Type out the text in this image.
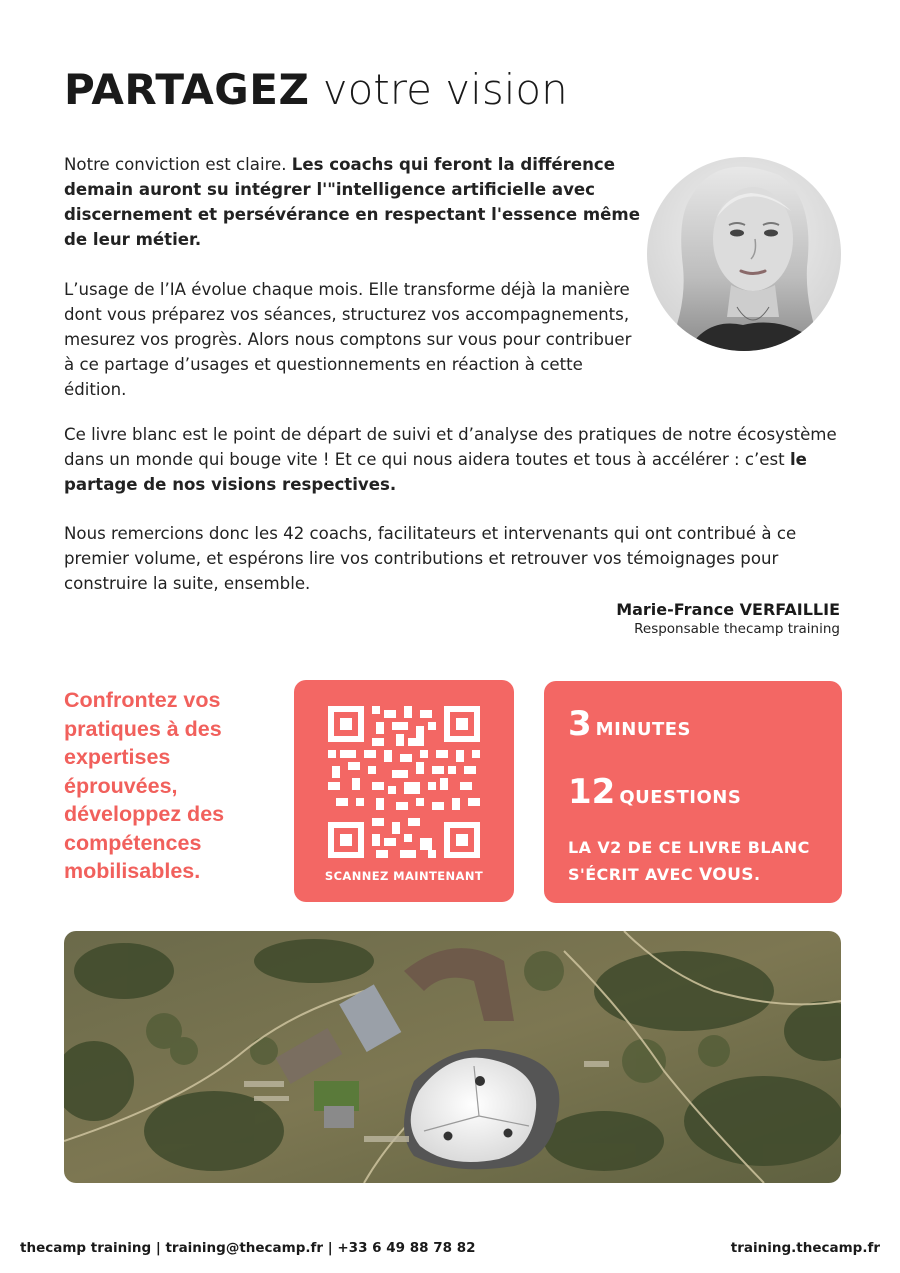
PARTAGEZ votre vision

Notre conviction est claire. Les coachs qui feront la différence demain auront su intégrer l'"intelligence artificielle avec discernement et persévérance en respectant l'essence même de leur métier.

L’usage de l’IA évolue chaque mois. Elle transforme déjà la manière dont vous préparez vos séances, structurez vos accompagnements, mesurez vos progrès. Alors nous comptons sur vous pour contribuer à ce partage d’usages et questionnements en réaction à cette édition.

Ce livre blanc est le point de départ de suivi et d’analyse des pratiques de notre écosystème dans un monde qui bouge vite ! Et ce qui nous aidera toutes et tous à accélérer : c’est le partage de nos visions respectives.

Nous remercions donc les 42 coachs, facilitateurs et intervenants qui ont contribué à ce premier volume, et espérons lire vos contributions et retrouver vos témoignages pour construire la suite, ensemble.

Marie-France VERFAILLIE
Responsable thecamp training
Confrontez vos pratiques à des expertises éprouvées, développez des compétences mobilisables.	SCANNEZ MAINTENANT
LA V2 DE CE LIVRE BLANC
S'ÉCRIT AVEC VOUS.
3 MINUTES
12 QUESTIONS
thecamp training | training@thecamp.fr | +33 6 49 88 78 82	training.thecamp.fr
